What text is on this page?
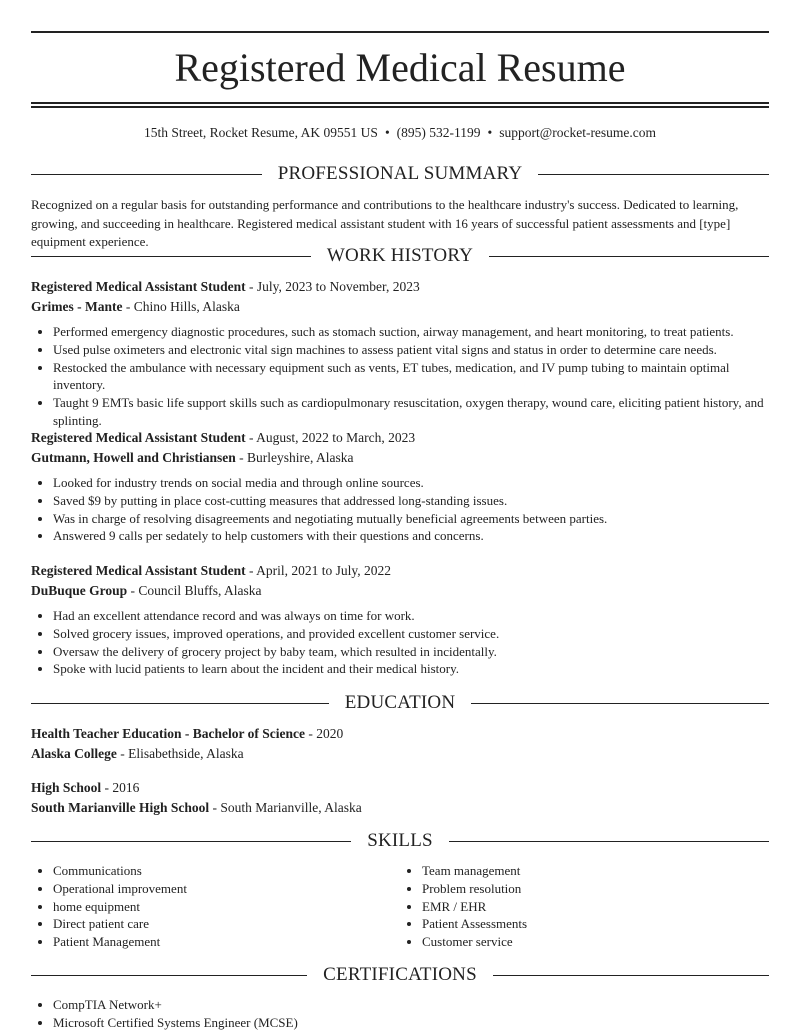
Registered Medical Resume
15th Street, Rocket Resume, AK 09551 US • (895) 532-1199 • support@rocket-resume.com
PROFESSIONAL SUMMARY
Recognized on a regular basis for outstanding performance and contributions to the healthcare industry's success. Dedicated to learning, growing, and succeeding in healthcare. Registered medical assistant student with 16 years of successful patient assessments and [type] equipment experience.
WORK HISTORY

Registered Medical Assistant Student - July, 2023 to November, 2023

Grimes - Mante - Chino Hills, Alaska

• Performed emergency diagnostic procedures, such as stomach suction, airway management, and heart monitoring, to treat patients.
• Used pulse oximeters and electronic vital sign machines to assess patient vital signs and status in order to determine care needs.
• Restocked the ambulance with necessary equipment such as vents, ET tubes, medication, and IV pump tubing to maintain optimal inventory.
• Taught 9 EMTs basic life support skills such as cardiopulmonary resuscitation, oxygen therapy, wound care, eliciting patient history, and splinting.

Registered Medical Assistant Student - August, 2022 to March, 2023

Gutmann, Howell and Christiansen - Burleyshire, Alaska

• Looked for industry trends on social media and through online sources.
• Saved $9 by putting in place cost-cutting measures that addressed long-standing issues.
• Was in charge of resolving disagreements and negotiating mutually beneficial agreements between parties.
• Answered 9 calls per sedately to help customers with their questions and concerns.

Registered Medical Assistant Student - April, 2021 to July, 2022

DuBuque Group - Council Bluffs, Alaska

• Had an excellent attendance record and was always on time for work.
• Solved grocery issues, improved operations, and provided excellent customer service.
• Oversaw the delivery of grocery project by baby team, which resulted in incidentally.
• Spoke with lucid patients to learn about the incident and their medical history.
EDUCATION

Health Teacher Education - Bachelor of Science - 2020

Alaska College - Elisabethside, Alaska

High School - 2016

South Marianville High School - South Marianville, Alaska

SKILLS
• Communications
• Operational improvement
• home equipment
• Direct patient care
• Patient Management
• Team management
• Problem resolution
• EMR / EHR
• Patient Assessments
• Customer service
CERTIFICATIONS
• CompTIA Network+
• Microsoft Certified Systems Engineer (MCSE)
